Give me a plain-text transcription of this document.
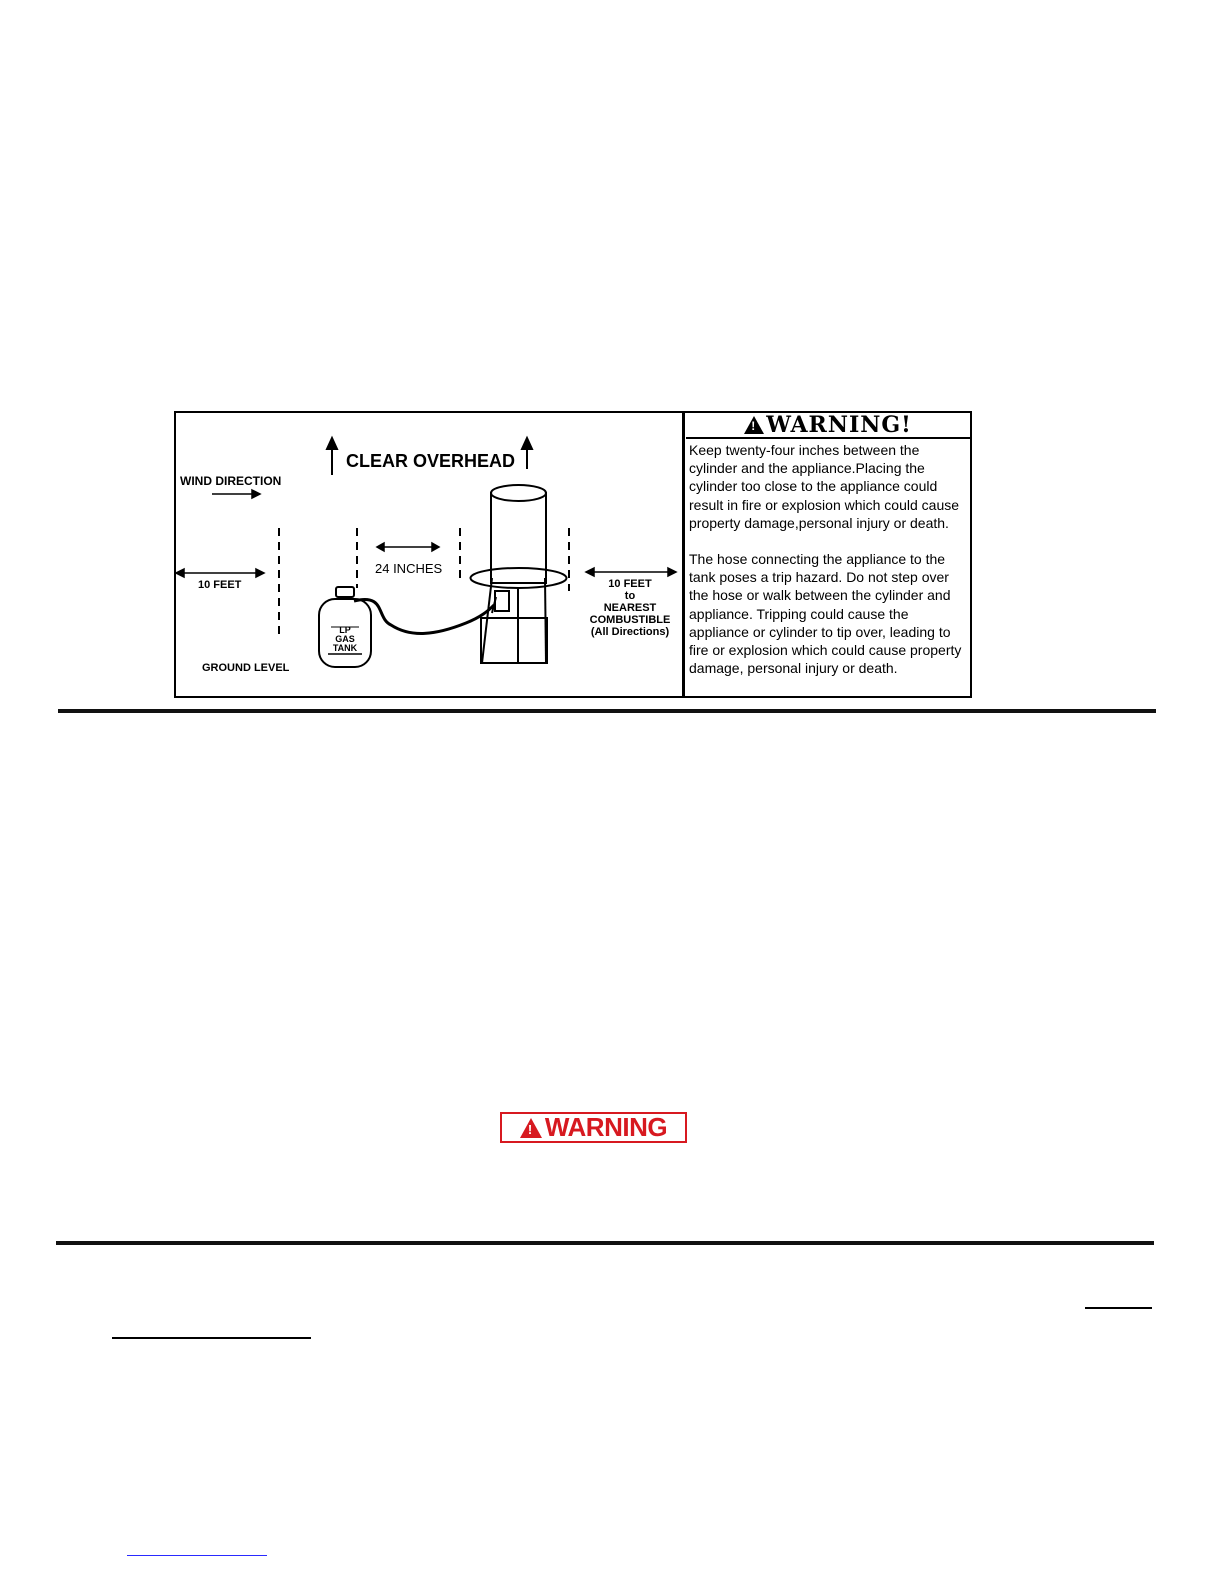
CLEAR OVERHEAD
WIND DIRECTION
10 FEET
24 INCHES
10 FEET
to
NEAREST
COMBUSTIBLE
(All Directions)
LP
GAS
TANK
GROUND LEVEL
! WARNING!

Keep twenty-four inches between the cylinder and the appliance.Placing the cylinder too close to the appliance could result in fire or explosion which could cause property damage,personal injury or death.

The hose connecting the appliance to the tank poses a trip hazard. Do not step over the hose or walk between the cylinder and appliance. Tripping could cause the appliance or cylinder to tip over, leading to fire or explosion which could cause property damage, personal injury or death.

! WARNING
